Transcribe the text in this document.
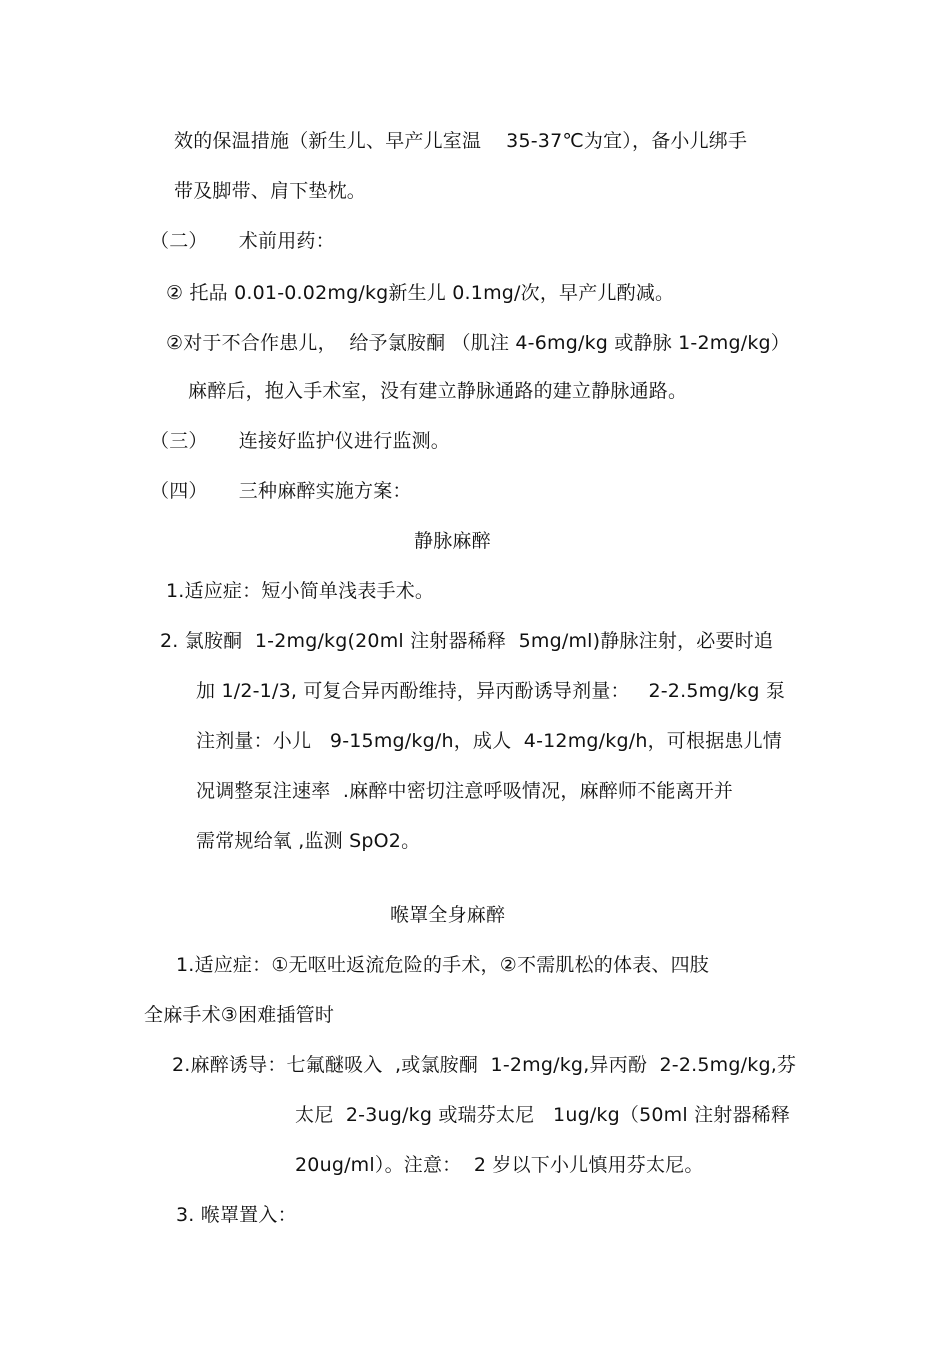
效的保温措施（新生儿、早产儿室温    35-37℃为宜），备小儿绑手
带及脚带、肩下垫枕。
（二）     术前用药：
② 托品 0.01-0.02mg/kg新生儿 0.1mg/次，早产儿酌减。
②对于不合作患儿，  给予氯胺酮 （肌注 4-6mg/kg 或静脉 1-2mg/kg）
麻醉后，抱入手术室，没有建立静脉通路的建立静脉通路。
（三）     连接好监护仪进行监测。
（四）     三种麻醉实施方案：
静脉麻醉
1.适应症：短小简单浅表手术。
2. 氯胺酮  1-2mg/kg(20ml 注射器稀释  5mg/ml)静脉注射，必要时追
加 1/2-1/3, 可复合异丙酚维持，异丙酚诱导剂量：   2-2.5mg/kg 泵
注剂量：小儿   9-15mg/kg/h，成人  4-12mg/kg/h，可根据患儿情
况调整泵注速率  .麻醉中密切注意呼吸情况，麻醉师不能离开并
需常规给氧 ,监测 SpO2。
喉罩全身麻醉
1.适应症：①无呕吐返流危险的手术，②不需肌松的体表、四肢
全麻手术③困难插管时
2.麻醉诱导：七氟醚吸入  ,或氯胺酮  1-2mg/kg,异丙酚  2-2.5mg/kg,芬
太尼  2-3ug/kg 或瑞芬太尼   1ug/kg（50ml 注射器稀释
20ug/ml）。注意：  2 岁以下小儿慎用芬太尼。
3. 喉罩置入：
